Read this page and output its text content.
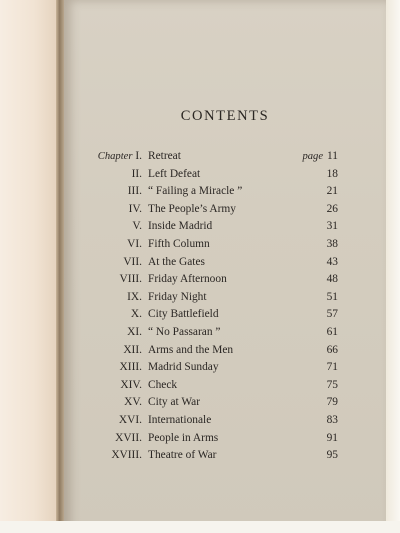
CONTENTS
Chapter I. Retreat	page 11
II. Left Defeat	18
III. “ Failing a Miracle ”	21
IV. The People’s Army	26
V. Inside Madrid	31
VI. Fifth Column	38
VII. At the Gates	43
VIII. Friday Afternoon	48
IX. Friday Night	51
X. City Battlefield	57
XI. “ No Passaran ”	61
XII. Arms and the Men	66
XIII. Madrid Sunday	71
XIV. Check	75
XV. City at War	79
XVI. Internationale	83
XVII. People in Arms	91
XVIII. Theatre of War	95
